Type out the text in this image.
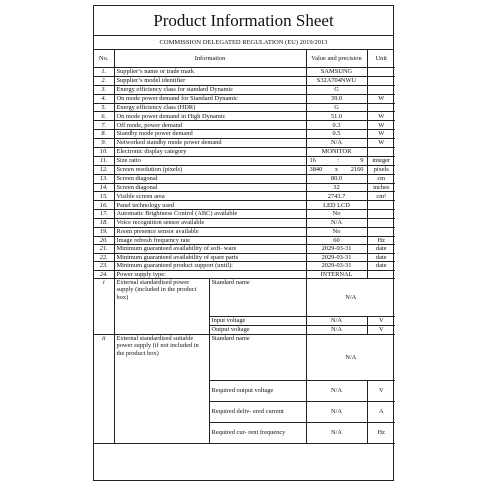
Product Information Sheet
COMMISSION DELEGATED REGULATION (EU) 2019/2013
No.	Information		Value and precision	Unit
1.	Supplier’s name or trade mark		SAMSUNG	
2.	Supplier’s model identifier		S32A704NWU	
3.	Energy efficiency class for standard Dynamic		G	
4.	On mode power demand for Standard Dynamic		39.0	W
5.	Energy efficiency class (HDR)		G	
6.	On mode power demand in High Dynamic		51.0	W
7.	Off mode, power demand		0.3	W
8.	Standby mode power demand		0.5	W
9.	Networked standby mode power demand		N/A	W
10.	Electronic display category		MONITOR	
11.	Size ratio		16 : 9	integer
12.	Screen resolution (pixels)		3840 x 2160	pixels
13.	Screen diagonal		80.0	cm
14.	Screen diagonal		32	inches
15.	Visible screen area		2743.7	cm²
16.	Panel technology used		LED LCD	
17.	Automatic Brightness Control (ABC) available		No	
18.	Voice recognition sensor available		N/A	
19.	Room presence sensor available		No	
20.	Image refresh frequency rate		60	Hz
21.	Minimum guaranteed availability of soft- ware		2029-03-31	date
22.	Minimum guaranteed availability of spare parts		2029-03-31	date
23.	Minimum guaranteed product support (until):		2029-03-31	date
24.	Power supply type:		INTERNAL	
i	External standardised power supply (included in the product box)	Standard name	N/A	
		Input voltage	N/A	V
		Output voltage	N/A	V
ii	External standardised suitable power supply (if not included in the product box)	Standard name	N/A	
		Required output voltage	N/A	V
		Required deliv- ered current	N/A	A
		Required cur- rent frequency	N/A	Hz
